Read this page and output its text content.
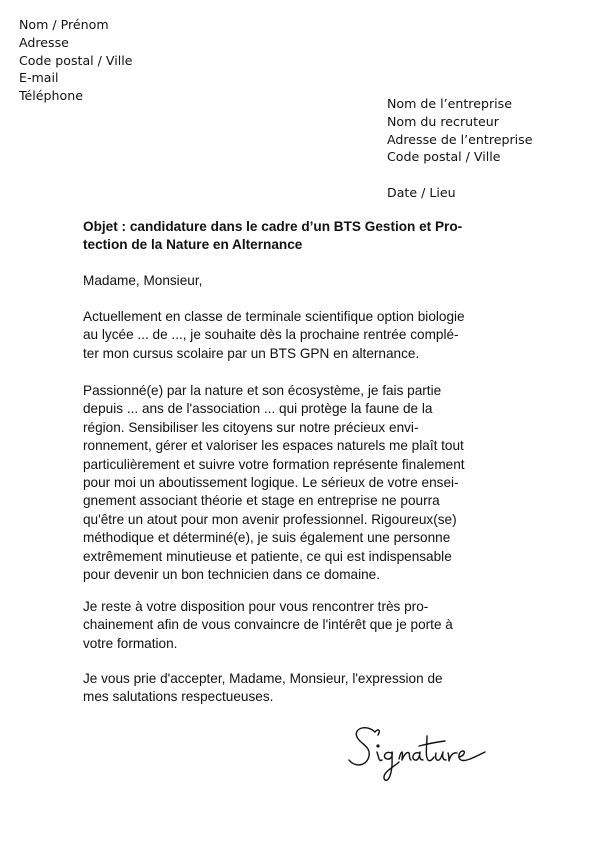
Nom / Prénom
Adresse
Code postal / Ville
E-mail
Téléphone
Nom de l’entreprise
Nom du recruteur
Adresse de l’entreprise
Code postal / Ville
Date / Lieu
Objet : candidature dans le cadre d’un BTS Gestion et Pro-
tection de la Nature en Alternance
Madame, Monsieur,
Actuellement en classe de terminale scientifique option biologie
au lycée ... de ..., je souhaite dès la prochaine rentrée complé-
ter mon cursus scolaire par un BTS GPN en alternance.
Passionné(e) par la nature et son écosystème, je fais partie
depuis ... ans de l'association ... qui protège la faune de la
région. Sensibiliser les citoyens sur notre précieux envi-
ronnement, gérer et valoriser les espaces naturels me plaît tout
particulièrement et suivre votre formation représente finalement
pour moi un aboutissement logique. Le sérieux de votre ensei-
gnement associant théorie et stage en entreprise ne pourra
qu'être un atout pour mon avenir professionnel. Rigoureux(se)
méthodique et déterminé(e), je suis également une personne
extrêmement minutieuse et patiente, ce qui est indispensable
pour devenir un bon technicien dans ce domaine.
Je reste à votre disposition pour vous rencontrer très pro-
chainement afin de vous convaincre de l'intérêt que je porte à
votre formation.
Je vous prie d'accepter, Madame, Monsieur, l'expression de
mes salutations respectueuses.
